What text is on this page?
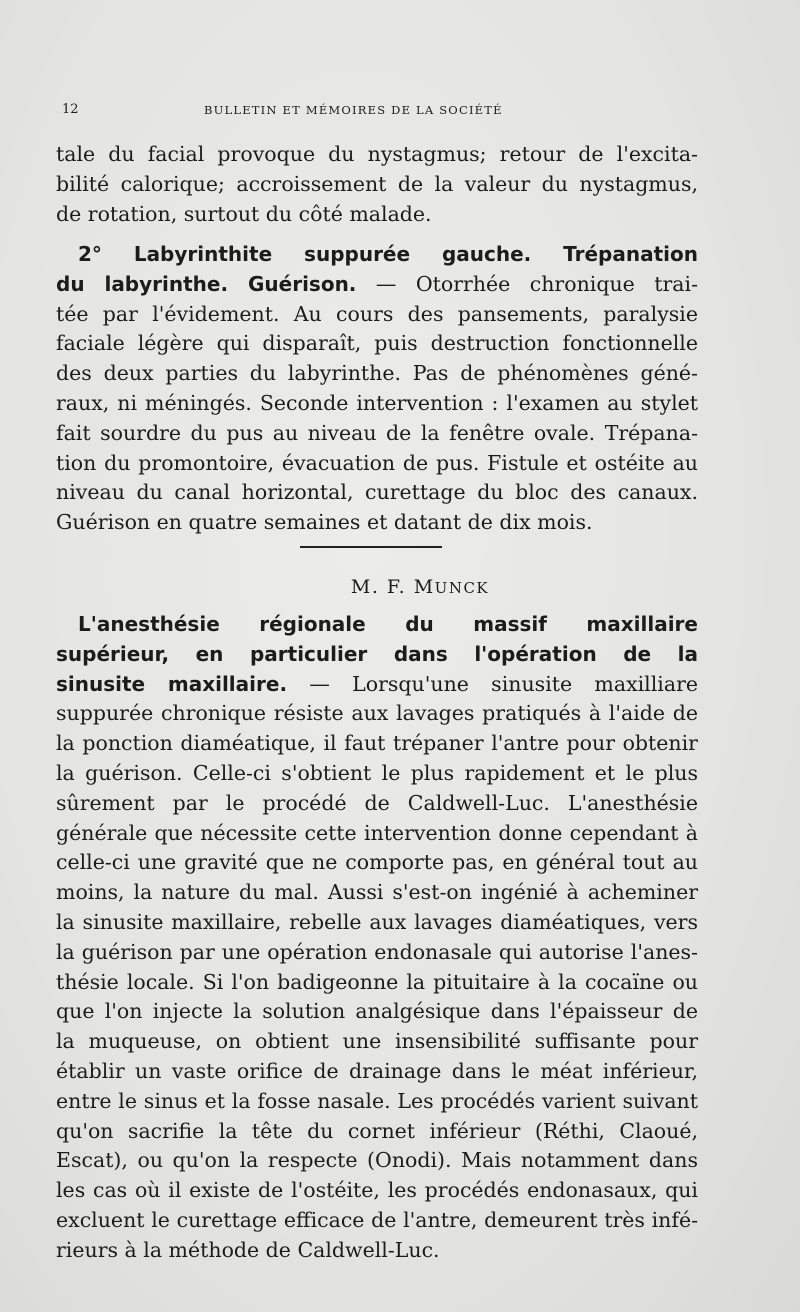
12	BULLETIN ET MÉMOIRES DE LA SOCIÉTÉ
tale du facial provoque du nystagmus; retour de l'excita-
bilité calorique; accroissement de la valeur du nystagmus,
de rotation, surtout du côté malade.
2° Labyrinthite suppurée gauche. Trépanation
du labyrinthe. Guérison. — Otorrhée chronique trai-
tée par l'évidement. Au cours des pansements, paralysie
faciale légère qui disparaît, puis destruction fonctionnelle
des deux parties du labyrinthe. Pas de phénomènes géné-
raux, ni méningés. Seconde intervention : l'examen au stylet
fait sourdre du pus au niveau de la fenêtre ovale. Trépana-
tion du promontoire, évacuation de pus. Fistule et ostéite au
niveau du canal horizontal, curettage du bloc des canaux.
Guérison en quatre semaines et datant de dix mois.
M. F. MUNCK
L'anesthésie régionale du massif maxillaire
supérieur, en particulier dans l'opération de la
sinusite maxillaire. — Lorsqu'une sinusite maxilliare
suppurée chronique résiste aux lavages pratiqués à l'aide de
la ponction diaméatique, il faut trépaner l'antre pour obtenir
la guérison. Celle-ci s'obtient le plus rapidement et le plus
sûrement par le procédé de Caldwell-Luc. L'anesthésie
générale que nécessite cette intervention donne cependant à
celle-ci une gravité que ne comporte pas, en général tout au
moins, la nature du mal. Aussi s'est-on ingénié à acheminer
la sinusite maxillaire, rebelle aux lavages diaméatiques, vers
la guérison par une opération endonasale qui autorise l'anes-
thésie locale. Si l'on badigeonne la pituitaire à la cocaïne ou
que l'on injecte la solution analgésique dans l'épaisseur de
la muqueuse, on obtient une insensibilité suffisante pour
établir un vaste orifice de drainage dans le méat inférieur,
entre le sinus et la fosse nasale. Les procédés varient suivant
qu'on sacrifie la tête du cornet inférieur (Réthi, Claoué,
Escat), ou qu'on la respecte (Onodi). Mais notamment dans
les cas où il existe de l'ostéite, les procédés endonasaux, qui
excluent le curettage efficace de l'antre, demeurent très infé-
rieurs à la méthode de Caldwell-Luc.
